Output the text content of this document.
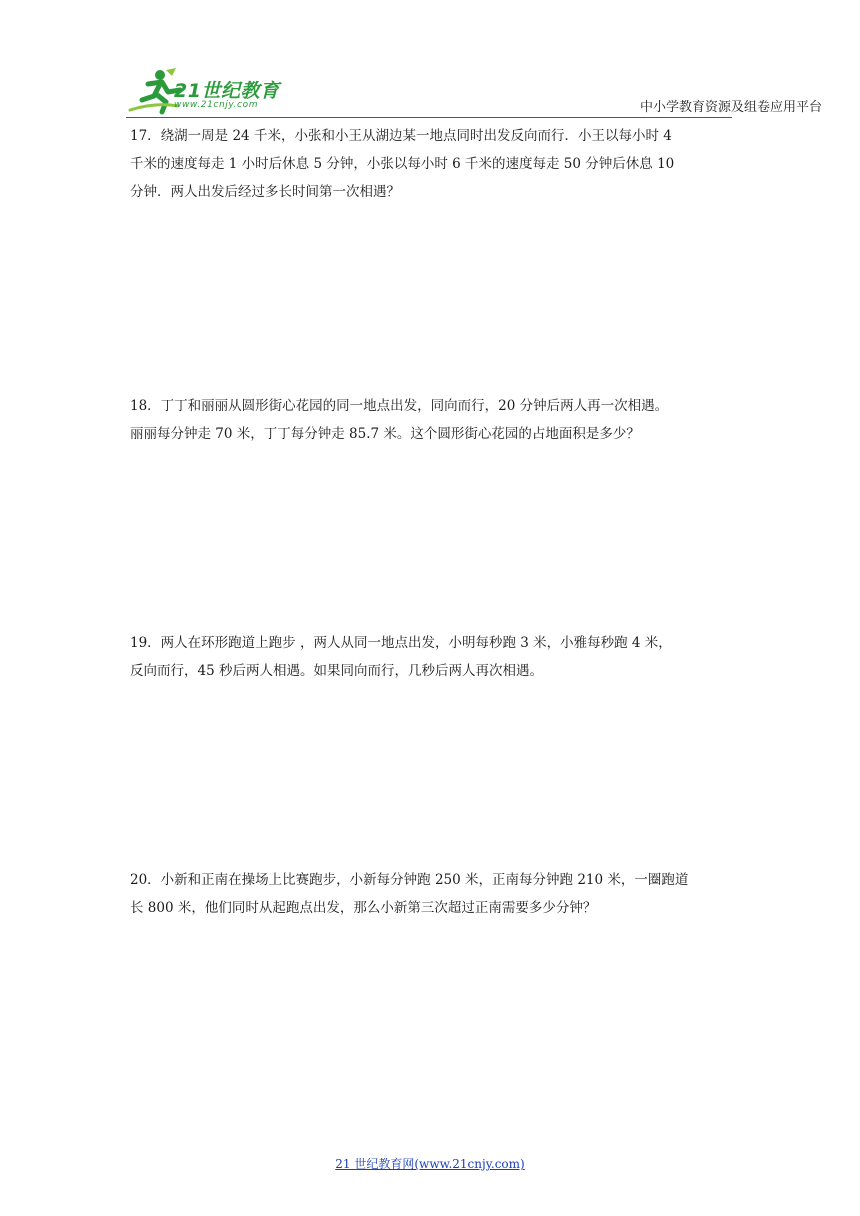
21世纪教育
www.21cnjy.com	中小学教育资源及组卷应用平台
17．绕湖一周是 24 千米，小张和小王从湖边某一地点同时出发反向而行．小王以每小时 4
千米的速度每走 1 小时后休息 5 分钟，小张以每小时 6 千米的速度每走 50 分钟后休息 10
分钟．两人出发后经过多长时间第一次相遇？
18．丁丁和丽丽从圆形街心花园的同一地点出发，同向而行，20 分钟后两人再一次相遇。
丽丽每分钟走 70 米，丁丁每分钟走 85.7 米。这个圆形街心花园的占地面积是多少？
19．两人在环形跑道上跑步 ，两人从同一地点出发，小明每秒跑 3 米，小雅每秒跑 4 米，
反向而行，45 秒后两人相遇。如果同向而行，几秒后两人再次相遇。
20．小新和正南在操场上比赛跑步，小新每分钟跑 250 米，正南每分钟跑 210 米，一圈跑道
长 800 米，他们同时从起跑点出发，那么小新第三次超过正南需要多少分钟？
21 世纪教育网(www.21cnjy.com)
